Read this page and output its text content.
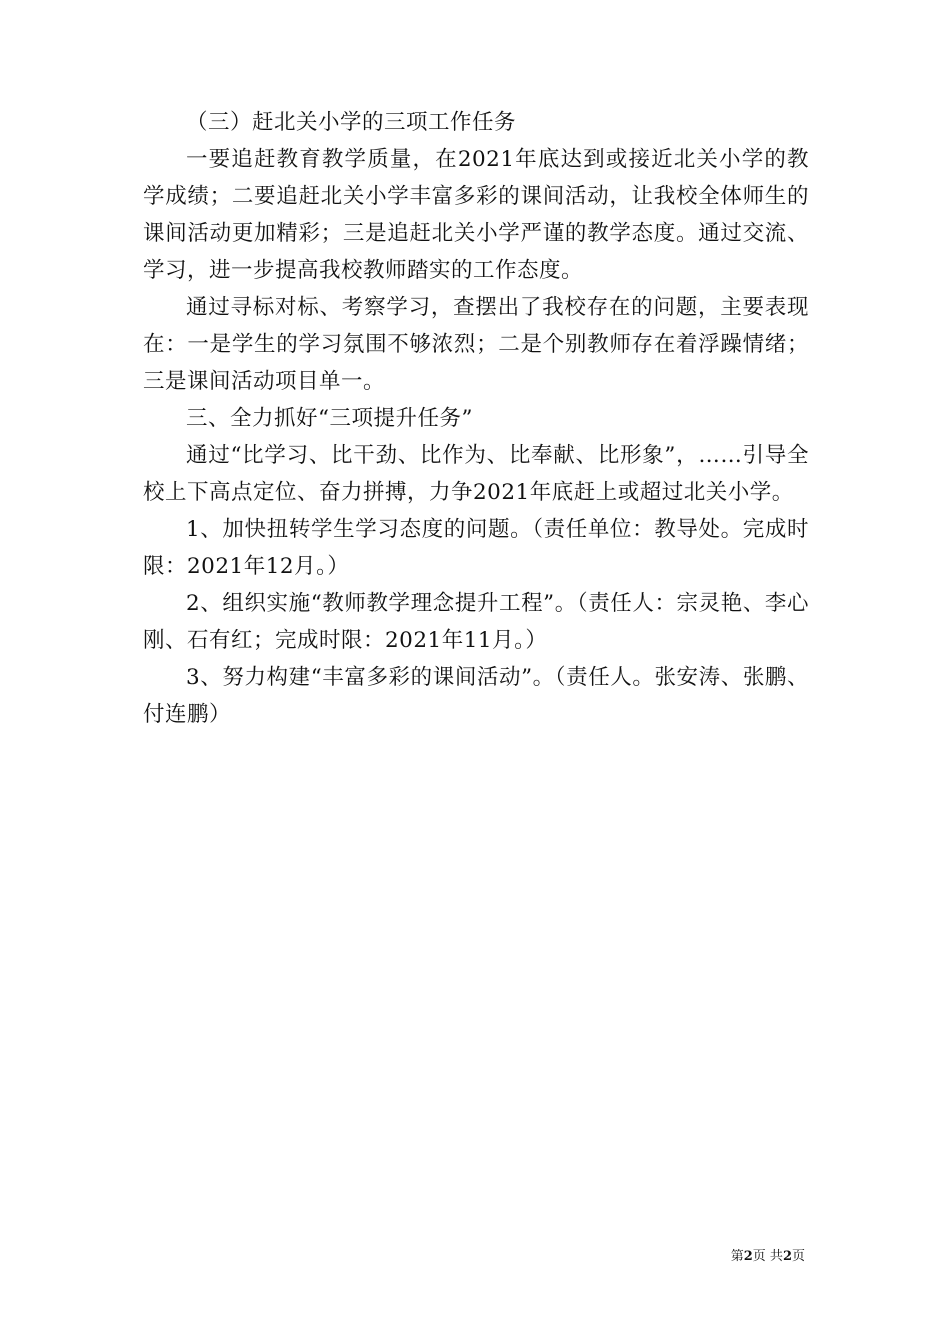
（三）赶北关小学的三项工作任务

一要追赶教育教学质量，在2021年底达到或接近北关小学的教学成绩；二要追赶北关小学丰富多彩的课间活动，让我校全体师生的课间活动更加精彩；三是追赶北关小学严谨的教学态度。通过交流、学习，进一步提高我校教师踏实的工作态度。

通过寻标对标、考察学习，查摆出了我校存在的问题，主要表现在：一是学生的学习氛围不够浓烈；二是个别教师存在着浮躁情绪；三是课间活动项目单一。

三、全力抓好“三项提升任务”

通过“比学习、比干劲、比作为、比奉献、比形象”，……引导全校上下高点定位、奋力拼搏，力争2021年底赶上或超过北关小学。

1、加快扭转学生学习态度的问题。（责任单位：教导处。完成时限：2021年12月。）

2、组织实施“教师教学理念提升工程”。（责任人：宗灵艳、李心刚、石有红；完成时限：2021年11月。）

3、努力构建“丰富多彩的课间活动”。（责任人。张安涛、张鹏、付连鹏）

第2页 共2页
